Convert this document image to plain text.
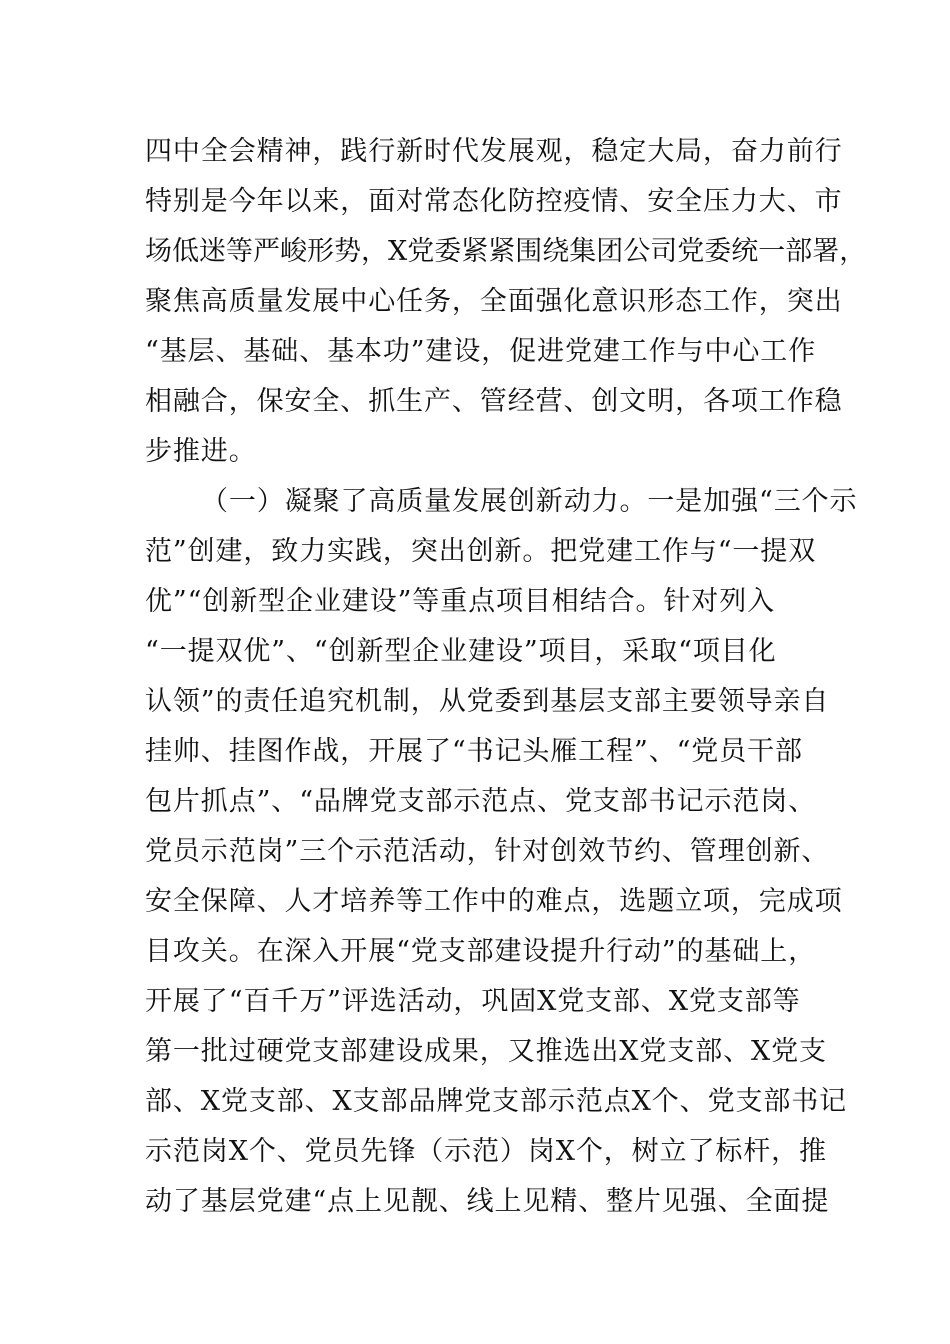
四中全会精神，践行新时代发展观，稳定大局，奋力前行
特别是今年以来，面对常态化防控疫情、安全压力大、市
场低迷等严峻形势，X党委紧紧围绕集团公司党委统一部署，
聚焦高质量发展中心任务，全面强化意识形态工作，突出
“基层、基础、基本功”建设，促进党建工作与中心工作
相融合，保安全、抓生产、管经营、创文明，各项工作稳
步推进。
（一）凝聚了高质量发展创新动力。一是加强“三个示
范”创建，致力实践，突出创新。把党建工作与“一提双
优”“创新型企业建设”等重点项目相结合。针对列入
“一提双优”、“创新型企业建设”项目，采取“项目化
认领”的责任追究机制，从党委到基层支部主要领导亲自
挂帅、挂图作战，开展了“书记头雁工程”、“党员干部
包片抓点”、“品牌党支部示范点、党支部书记示范岗、
党员示范岗”三个示范活动，针对创效节约、管理创新、
安全保障、人才培养等工作中的难点，选题立项，完成项
目攻关。在深入开展“党支部建设提升行动”的基础上，
开展了“百千万”评选活动，巩固X党支部、X党支部等
第一批过硬党支部建设成果，又推选出X党支部、X党支
部、X党支部、X支部品牌党支部示范点X个、党支部书记
示范岗X个、党员先锋（示范）岗X个，树立了标杆，推
动了基层党建“点上见靓、线上见精、整片见强、全面提
